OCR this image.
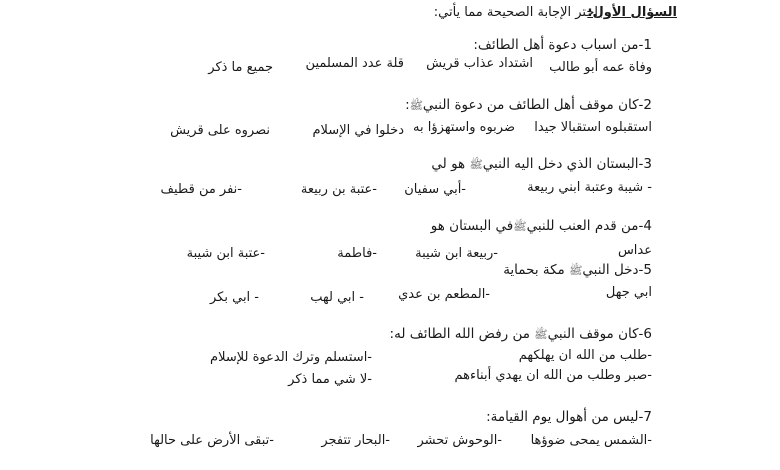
السؤال الأول:
اختر الإجابة الصحيحة مما يأتي:
1-من اسباب دعوة أهل الطائف:
وفاة عمه أبو طالب
اشتداد عذاب قريش
قلة عدد المسلمين
جميع ما ذكر
2-كان موقف أهل الطائف من دعوة النبيﷺ:
استقبلوه استقبالا جيدا
ضربوه واستهزؤا به
دخلوا في الإسلام
نصروه على قريش
3-البستان الذي دخل اليه النبيﷺ هو لي
- شيبة وعتبة ابني ربيعة
-أبي سفيان
-عتبة بن ربيعة
-نفر من قطيف
4-من قدم العنب للنبيﷺفي البستان هو
عداس
-ربيعة ابن شيبة
-فاطمة
-عتبة ابن شيبة
5-دخل النبيﷺ مكة بحماية
ابي جهل
-المطعم بن عدي
- ابي لهب
- ابي بكر
6-كان موقف النبيﷺ من رفض الله الطائف له:
-طلب من الله ان يهلكهم
-استسلم وترك الدعوة للإسلام
-صبر وطلب من الله ان يهدي أبناءهم
-لا شي مما ذكر
7-ليس من أهوال يوم القيامة:
-الشمس يمحى ضوؤها
-الوحوش تحشر
-البحار تتفجر
-تبقى الأرض على حالها
